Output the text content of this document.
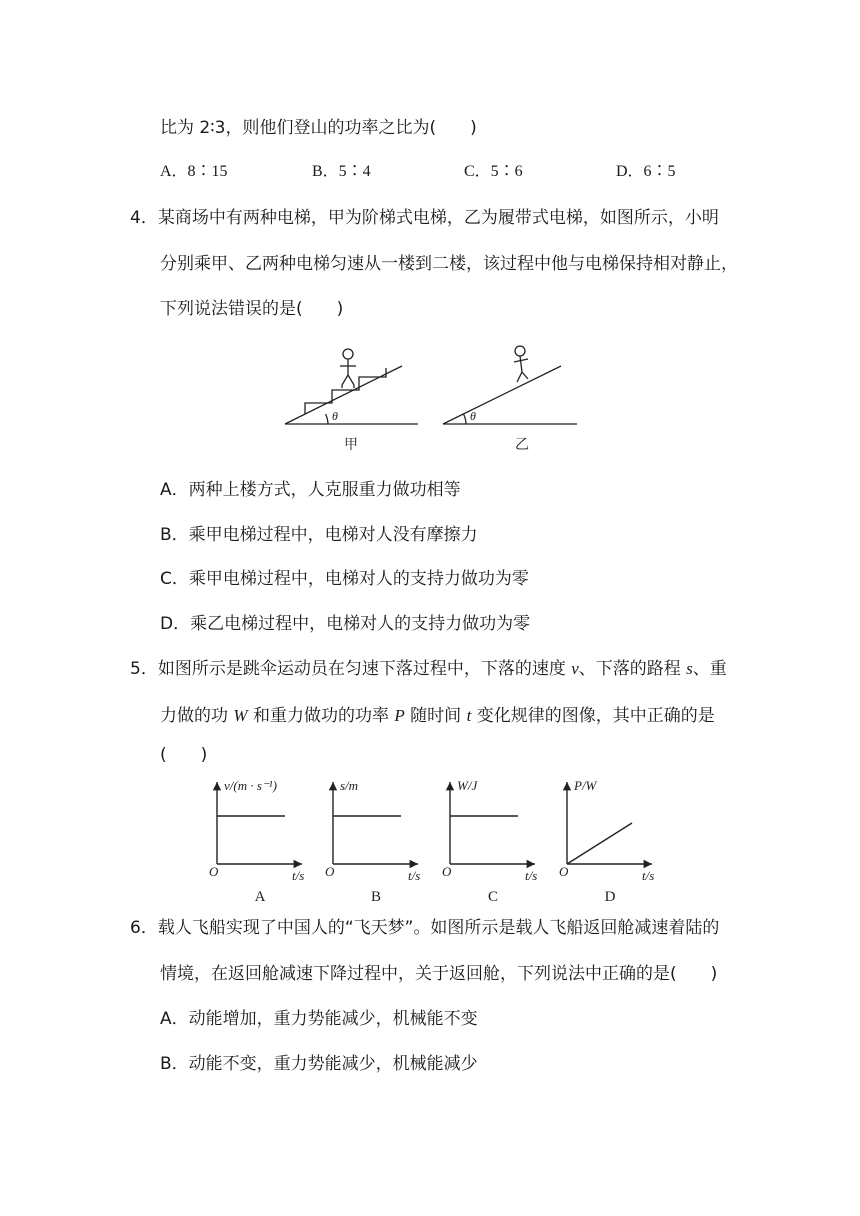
比为 2∶3，则他们登山的功率之比为(　　)
A．8∶15	B．5∶4	C．5∶6	D．6∶5
4．某商场中有两种电梯，甲为阶梯式电梯，乙为履带式电梯，如图所示，小明
分别乘甲、乙两种电梯匀速从一楼到二楼，该过程中他与电梯保持相对静止，
下列说法错误的是(　　)
θ
甲
θ
乙
A．两种上楼方式，人克服重力做功相等
B．乘甲电梯过程中，电梯对人没有摩擦力
C．乘甲电梯过程中，电梯对人的支持力做功为零
D．乘乙电梯过程中，电梯对人的支持力做功为零
5．如图所示是跳伞运动员在匀速下落过程中，下落的速度 v、下落的路程 s、重
力做的功 W 和重力做功的功率 P 随时间 t 变化规律的图像，其中正确的是
(　　)
v/(m · s⁻¹)
O	t/s
A
s/m
O	t/s
B
W/J
O	t/s
C
P/W
O	t/s
D
6．载人飞船实现了中国人的“飞天梦”。如图所示是载人飞船返回舱减速着陆的
情境，在返回舱减速下降过程中，关于返回舱，下列说法中正确的是(　　)
A．动能增加，重力势能减少，机械能不变
B．动能不变，重力势能减少，机械能减少
